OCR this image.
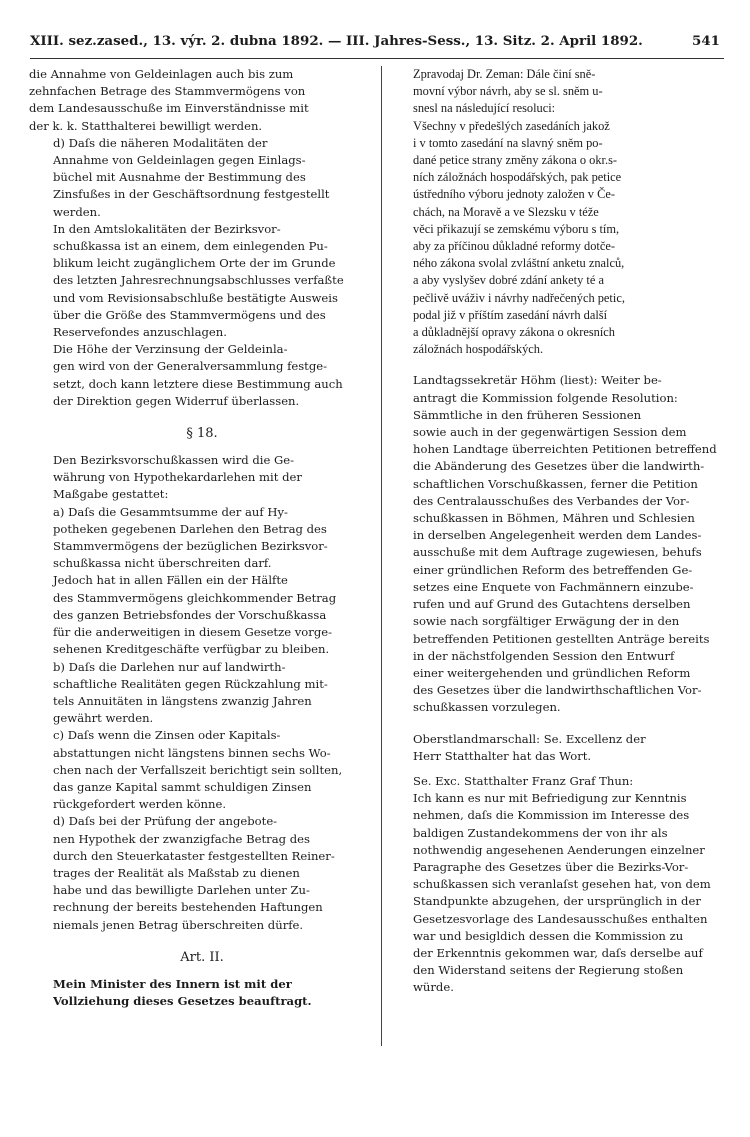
XIII. sez.zased., 13. výr. 2. dubna 1892. — III. Jahres-Sess., 13. Sitz. 2. April 1892.	541

die Annahme von Geldeinlagen auch bis zum
zehnfachen Betrage des Stammvermögens von
dem Landesausschuße im Einverständnisse mit
der k. k. Statthalterei bewilligt werden.

d) Daſs die näheren Modalitäten der
Annahme von Geldeinlagen gegen Einlags-
büchel mit Ausnahme der Bestimmung des
Zinsfußes in der Geschäftsordnung festgestellt
werden.

In den Amtslokalitäten der Bezirksvor-
schußkassa ist an einem, dem einlegenden Pu-
blikum leicht zugänglichem Orte der im Grunde
des letzten Jahresrechnungsabschlusses verfaßte
und vom Revisionsabschluße bestätigte Ausweis
über die Größe des Stammvermögens und des
Reservefondes anzuschlagen.

Die Höhe der Verzinsung der Geldeinla-
gen wird von der Generalversammlung festge-
setzt, doch kann letztere diese Bestimmung auch
der Direktion gegen Widerruf überlassen.

§ 18.

Den Bezirksvorschußkassen wird die Ge-
währung von Hypothekardarlehen mit der
Maßgabe gestattet:

a) Daſs die Gesammtsumme der auf Hy-
potheken gegebenen Darlehen den Betrag des
Stammvermögens der bezüglichen Bezirksvor-
schußkassa nicht überschreiten darf.

Jedoch hat in allen Fällen ein der Hälfte
des Stammvermögens gleichkommender Betrag
des ganzen Betriebsfondes der Vorschußkassa
für die anderweitigen in diesem Gesetze vorge-
sehenen Kreditgeschäfte verfügbar zu bleiben.

b) Daſs die Darlehen nur auf landwirth-
schaftliche Realitäten gegen Rückzahlung mit-
tels Annuitäten in längstens zwanzig Jahren
gewährt werden.

c) Daſs wenn die Zinsen oder Kapitals-
abstattungen nicht längstens binnen sechs Wo-
chen nach der Verfallszeit berichtigt sein sollten,
das ganze Kapital sammt schuldigen Zinsen
rückgefordert werden könne.

d) Daſs bei der Prüfung der angebote-
nen Hypothek der zwanzigfache Betrag des
durch den Steuerkataster festgestellten Reiner-
trages der Realität als Maßstab zu dienen
habe und das bewilligte Darlehen unter Zu-
rechnung der bereits bestehenden Haftungen
niemals jenen Betrag überschreiten dürfe.

Art. II.

Mein Minister des Innern ist mit der
Vollziehung dieses Gesetzes beauftragt.

Zpravodaj Dr. Zeman: Dále činí sně-
movní výbor návrh, aby se sl. sněm u-
snesl na následující resoluci:

Všechny v předešlých zasedáních jakož
i v tomto zasedání na slavný sněm po-
dané petice strany změny zákona o okr.s-
ních záložnách hospodářských, pak petice
ústředního výboru jednoty založen v Če-
chách, na Moravě a ve Slezsku v téže
věci přikazují se zemskému výboru s tím,
aby za příčinou důkladné reformy dotče-
ného zákona svolal zvláštní anketu znalců,
a aby vyslyšev dobré zdání ankety té a
pečlivě uváživ i návrhy nadřečených petic,
podal již v příštím zasedání návrh další
a důkladnější opravy zákona o okresních
záložnách hospodářských.

Landtagssekretär Höhm (liest): Weiter be-
antragt die Kommission folgende Resolution:

Sämmtliche in den früheren Sessionen
sowie auch in der gegenwärtigen Session dem
hohen Landtage überreichten Petitionen betreffend
die Abänderung des Gesetzes über die landwirth-
schaftlichen Vorschußkassen, ferner die Petition
des Centralausschußes des Verbandes der Vor-
schußkassen in Böhmen, Mähren und Schlesien
in derselben Angelegenheit werden dem Landes-
ausschuße mit dem Auftrage zugewiesen, behufs
einer gründlichen Reform des betreffenden Ge-
setzes eine Enquete von Fachmännern einzube-
rufen und auf Grund des Gutachtens derselben
sowie nach sorgfältiger Erwägung der in den
betreffenden Petitionen gestellten Anträge bereits
in der nächstfolgenden Session den Entwurf
einer weitergehenden und gründlichen Reform
des Gesetzes über die landwirthschaftlichen Vor-
schußkassen vorzulegen.

Oberstlandmarschall: Se. Excellenz der
Herr Statthalter hat das Wort.

Se. Exc. Statthalter Franz Graf Thun:
Ich kann es nur mit Befriedigung zur Kenntnis
nehmen, daſs die Kommission im Interesse des
baldigen Zustandekommens der von ihr als
nothwendig angesehenen Aenderungen einzelner
Paragraphe des Gesetzes über die Bezirks-Vor-
schußkassen sich veranlaſst gesehen hat, von dem
Standpunkte abzugehen, der ursprünglich in der
Gesetzesvorlage des Landesausschußes enthalten
war und besigldich dessen die Kommission zu
der Erkenntnis gekommen war, daſs derselbe auf
den Widerstand seitens der Regierung stoßen
würde.
